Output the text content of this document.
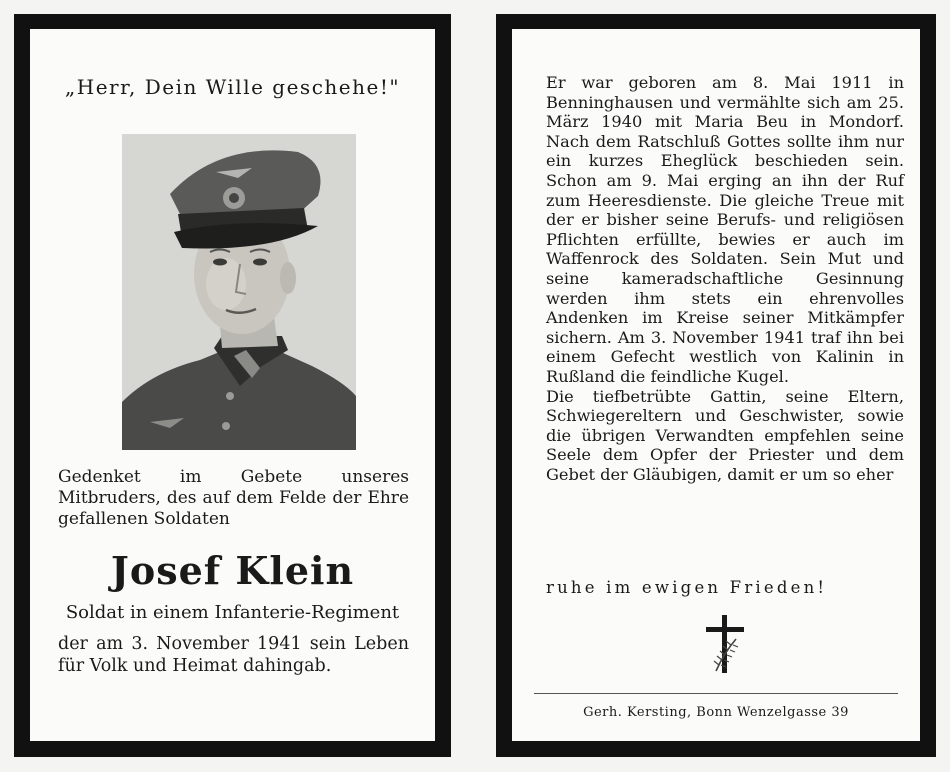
„Herr, Dein Wille geschehe!"
Gedenket im Gebete unseres Mitbruders, des auf dem Felde der Ehre gefallenen Soldaten
Josef Klein
Soldat in einem Infanterie-Regiment
der am 3. November 1941 sein Leben für Volk und Heimat dahingab.
Er war geboren am 8. Mai 1911 in Benninghausen und vermählte sich am 25. März 1940 mit Maria Beu in Mondorf. Nach dem Ratschluß Gottes sollte ihm nur ein kurzes Eheglück beschieden sein. Schon am 9. Mai erging an ihn der Ruf zum Heeresdienste. Die gleiche Treue mit der er bisher seine Berufs- und religiösen Pflichten erfüllte, bewies er auch im Waffenrock des Soldaten. Sein Mut und seine kameradschaftliche Gesinnung werden ihm stets ein ehrenvolles Andenken im Kreise seiner Mitkämpfer sichern. Am 3. November 1941 traf ihn bei einem Gefecht westlich von Kalinin in Rußland die feindliche Kugel.
Die tiefbetrübte Gattin, seine Eltern, Schwiegereltern und Geschwister, sowie die übrigen Verwandten empfehlen seine Seele dem Opfer der Priester und dem Gebet der Gläubigen, damit er um so eher
ruhe im ewigen Frieden!
Gerh. Kersting, Bonn Wenzelgasse 39
